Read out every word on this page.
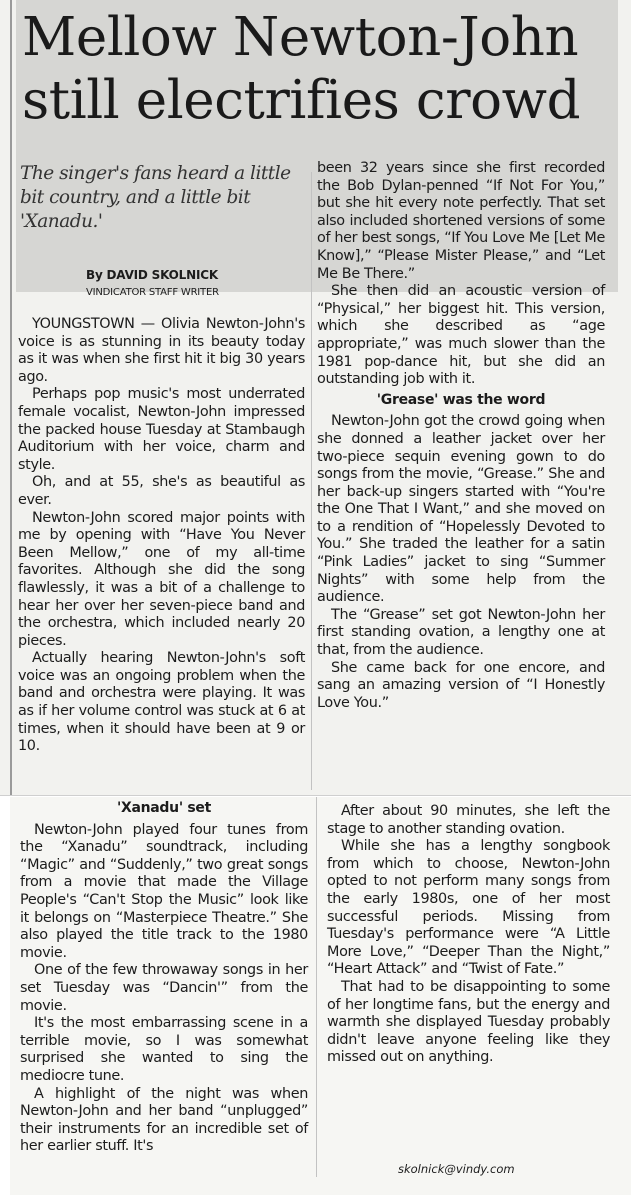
Mellow Newton-John
still electrifies crowd
The singer's fans heard a little bit country, and a little bit 'Xanadu.'
By DAVID SKOLNICK
VINDICATOR STAFF WRITER

YOUNGSTOWN — Olivia Newton-John's voice is as stunning in its beauty today as it was when she first hit it big 30 years ago.

Perhaps pop music's most underrated female vocalist, Newton-John impressed the packed house Tuesday at Stambaugh Auditorium with her voice, charm and style.

Oh, and at 55, she's as beautiful as ever.

Newton-John scored major points with me by opening with “Have You Never Been Mellow,” one of my all-time favorites. Although she did the song flawlessly, it was a bit of a challenge to hear her over her seven-piece band and the orchestra, which included nearly 20 pieces.

Actually hearing Newton-John's soft voice was an ongoing problem when the band and orchestra were playing. It was as if her volume control was stuck at 6 at times, when it should have been at 9 or 10.

been 32 years since she first recorded the Bob Dylan-penned “If Not For You,” but she hit every note perfectly. That set also included shortened versions of some of her best songs, “If You Love Me [Let Me Know],” “Please Mister Please,” and “Let Me Be There.”

She then did an acoustic version of “Physical,” her biggest hit. This version, which she described as “age appropriate,” was much slower than the 1981 pop-dance hit, but she did an outstanding job with it.

'Grease' was the word

Newton-John got the crowd going when she donned a leather jacket over her two-piece sequin evening gown to do songs from the movie, “Grease.” She and her back-up singers started with “You're the One That I Want,” and she moved on to a rendition of “Hopelessly Devoted to You.” She traded the leather for a satin “Pink Ladies” jacket to sing “Summer Nights” with some help from the audience.

The “Grease” set got Newton-John her first standing ovation, a lengthy one at that, from the audience.

She came back for one encore, and sang an amazing version of “I Honestly Love You.”

'Xanadu' set

Newton-John played four tunes from the “Xanadu” soundtrack, including “Magic” and “Suddenly,” two great songs from a movie that made the Village People's “Can't Stop the Music” look like it belongs on “Masterpiece Theatre.” She also played the title track to the 1980 movie.

One of the few throwaway songs in her set Tuesday was “Dancin'” from the movie.

It's the most embarrassing scene in a terrible movie, so I was somewhat surprised she wanted to sing the mediocre tune.

A highlight of the night was when Newton-John and her band “unplugged” their instruments for an incredible set of her earlier stuff. It's

After about 90 minutes, she left the stage to another standing ovation.

While she has a lengthy songbook from which to choose, Newton-John opted to not perform many songs from the early 1980s, one of her most successful periods. Missing from Tuesday's performance were “A Little More Love,” “Deeper Than the Night,” “Heart Attack” and “Twist of Fate.”

That had to be disappointing to some of her longtime fans, but the energy and warmth she displayed Tuesday probably didn't leave anyone feeling like they missed out on anything.

skolnick@vindy.com
